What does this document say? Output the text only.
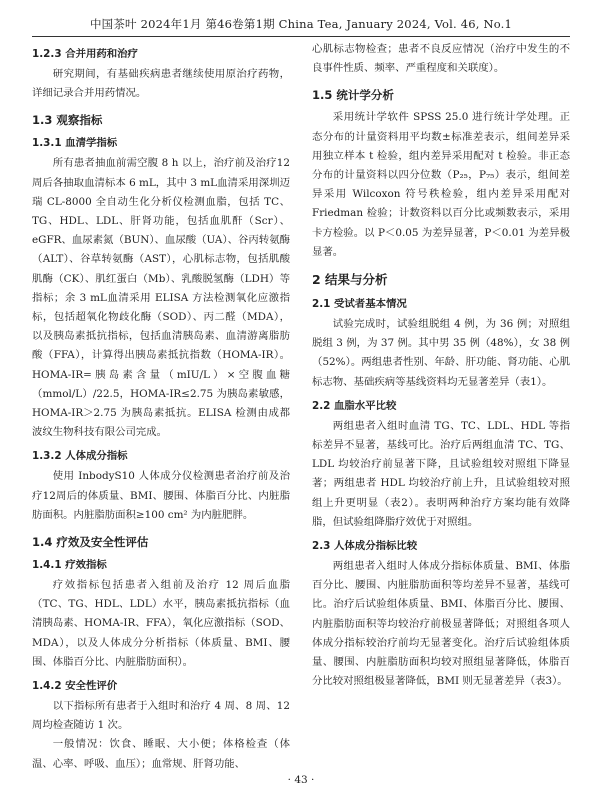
中国茶叶 2024年1月 第46卷第1期 China Tea, January 2024, Vol. 46, No.1
1.2.3 合并用药和治疗

研究期间，有基础疾病患者继续使用原治疗药物，详细记录合并用药情况。

1.3 观察指标
1.3.1 血清学指标

所有患者抽血前需空腹 8 h 以上，治疗前及治疗12周后各抽取血清标本 6 mL，其中 3 mL血清采用深圳迈瑞 CL-8000 全自动生化分析仪检测血脂，包括 TC、TG、HDL、LDL、肝肾功能，包括血肌酐（Scr）、eGFR、血尿素氮（BUN）、血尿酸（UA）、谷丙转氨酶（ALT）、谷草转氨酶（AST），心肌标志物，包括肌酸肌酶（CK）、肌红蛋白（Mb）、乳酸脱氢酶（LDH）等指标；余 3 mL血清采用 ELISA 方法检测氧化应激指标，包括超氧化物歧化酶（SOD）、丙二醛（MDA），以及胰岛素抵抗指标，包括血清胰岛素、血清游离脂肪酸（FFA），计算得出胰岛素抵抗指数（HOMA-IR）。HOMA-IR=胰岛素含量（mIU/L）×空腹血糖（mmol/L）/22.5，HOMA-IR≤2.75 为胰岛素敏感，HOMA-IR＞2.75 为胰岛素抵抗。ELISA 检测由成都波纹生物科技有限公司完成。

1.3.2 人体成分指标

使用 InbodyS10 人体成分仪检测患者治疗前及治疗12周后的体质量、BMI、腰围、体脂百分比、内脏脂肪面积。内脏脂肪面积≥100 cm² 为内脏肥胖。

1.4 疗效及安全性评估
1.4.1 疗效指标

疗效指标包括患者入组前及治疗 12 周后血脂（TC、TG、HDL、LDL）水平，胰岛素抵抗指标（血清胰岛素、HOMA-IR、FFA），氧化应激指标（SOD、MDA），以及人体成分分析指标（体质量、BMI、腰围、体脂百分比、内脏脂肪面积）。

1.4.2 安全性评价

以下指标所有患者于入组时和治疗 4 周、8 周、12 周均检查随访 1 次。

一般情况：饮食、睡眠、大小便；体格检查（体温、心率、呼吸、血压）；血常规、肝肾功能、

心肌标志物检查；患者不良反应情况（治疗中发生的不良事件性质、频率、严重程度和关联度）。

1.5 统计学分析

采用统计学软件 SPSS 25.0 进行统计学处理。正态分布的计量资料用平均数±标准差表示，组间差异采用独立样本 t 检验，组内差异采用配对 t 检验。非正态分布的计量资料以四分位数（P₂₅，P₇₅）表示，组间差异采用 Wilcoxon 符号秩检验，组内差异采用配对 Friedman 检验；计数资料以百分比或频数表示，采用卡方检验。以 P＜0.05 为差异显著，P＜0.01 为差异极显著。

2 结果与分析
2.1 受试者基本情况

试验完成时，试验组脱组 4 例，为 36 例；对照组脱组 3 例，为 37 例。其中男 35 例（48%），女 38 例（52%）。两组患者性别、年龄、肝功能、肾功能、心肌标志物、基础疾病等基线资料均无显著差异（表1）。

2.2 血脂水平比较

两组患者入组时血清 TG、TC、LDL、HDL 等指标差异不显著，基线可比。治疗后两组血清 TC、TG、LDL 均较治疗前显著下降，且试验组较对照组下降显著；两组患者 HDL 均较治疗前上升，且试验组较对照组上升更明显（表2）。表明两种治疗方案均能有效降脂，但试验组降脂疗效优于对照组。

2.3 人体成分指标比较

两组患者入组时人体成分指标体质量、BMI、体脂百分比、腰围、内脏脂肪面积等均差异不显著，基线可比。治疗后试验组体质量、BMI、体脂百分比、腰围、内脏脂肪面积等均较治疗前极显著降低；对照组各项人体成分指标较治疗前均无显著变化。治疗后试验组体质量、腰围、内脏脂肪面积均较对照组显著降低，体脂百分比较对照组极显著降低，BMI 则无显著差异（表3）。

· 43 ·
